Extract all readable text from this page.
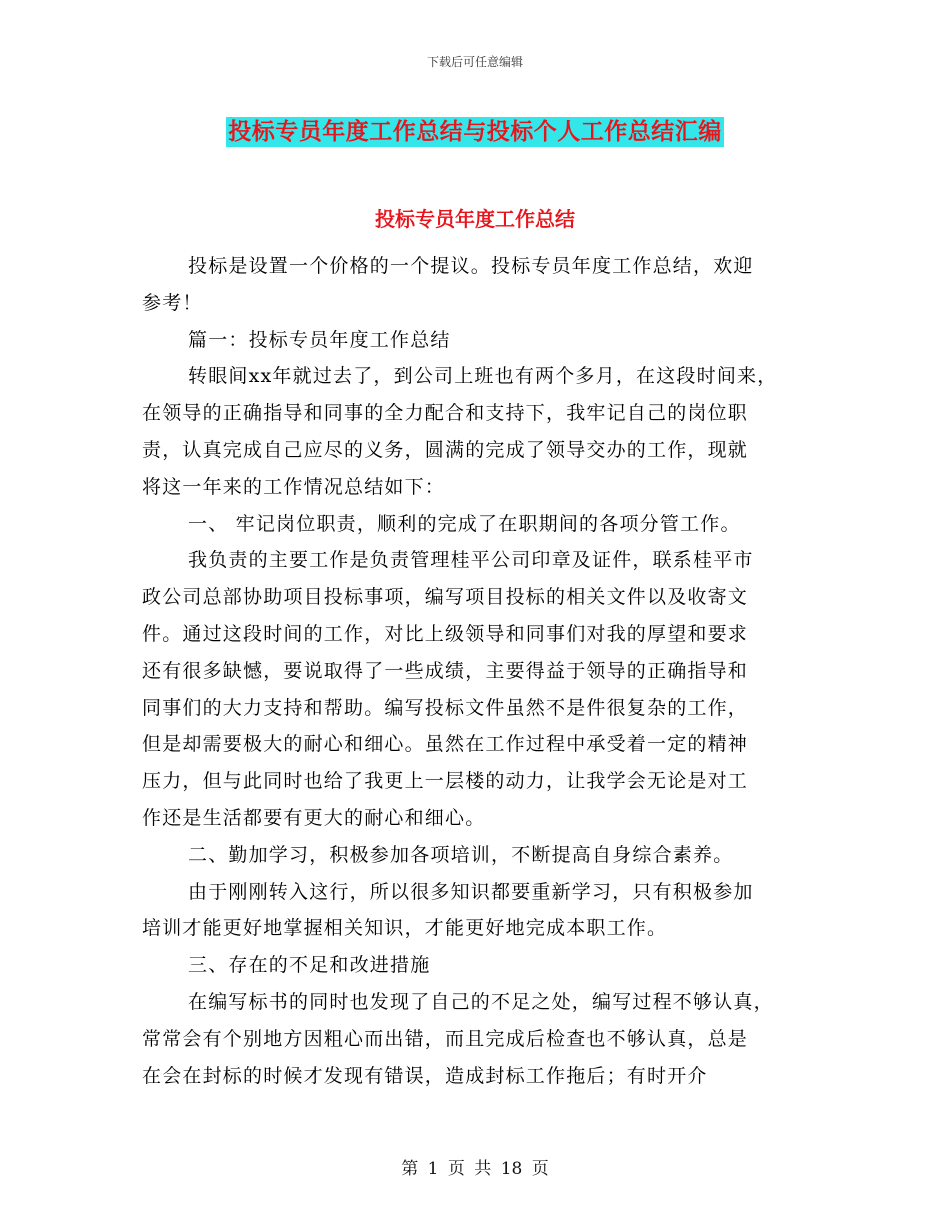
下载后可任意编辑
投标专员年度工作总结与投标个人工作总结汇编
投标专员年度工作总结
投标是设置一个价格的一个提议。投标专员年度工作总结，欢迎
参考！
篇一：投标专员年度工作总结
转眼间xx年就过去了，到公司上班也有两个多月，在这段时间来，
在领导的正确指导和同事的全力配合和支持下，我牢记自己的岗位职
责，认真完成自己应尽的义务，圆满的完成了领导交办的工作，现就
将这一年来的工作情况总结如下：
一、 牢记岗位职责，顺利的完成了在职期间的各项分管工作。
我负责的主要工作是负责管理桂平公司印章及证件，联系桂平市
政公司总部协助项目投标事项，编写项目投标的相关文件以及收寄文
件。通过这段时间的工作，对比上级领导和同事们对我的厚望和要求
还有很多缺憾，要说取得了一些成绩，主要得益于领导的正确指导和
同事们的大力支持和帮助。编写投标文件虽然不是件很复杂的工作，
但是却需要极大的耐心和细心。虽然在工作过程中承受着一定的精神
压力，但与此同时也给了我更上一层楼的动力，让我学会无论是对工
作还是生活都要有更大的耐心和细心。
二、勤加学习，积极参加各项培训，不断提高自身综合素养。
由于刚刚转入这行，所以很多知识都要重新学习，只有积极参加
培训才能更好地掌握相关知识，才能更好地完成本职工作。
三、存在的不足和改进措施
在编写标书的同时也发现了自己的不足之处，编写过程不够认真，
常常会有个别地方因粗心而出错，而且完成后检查也不够认真，总是
在会在封标的时候才发现有错误，造成封标工作拖后；有时开介
第 1 页 共 18 页
